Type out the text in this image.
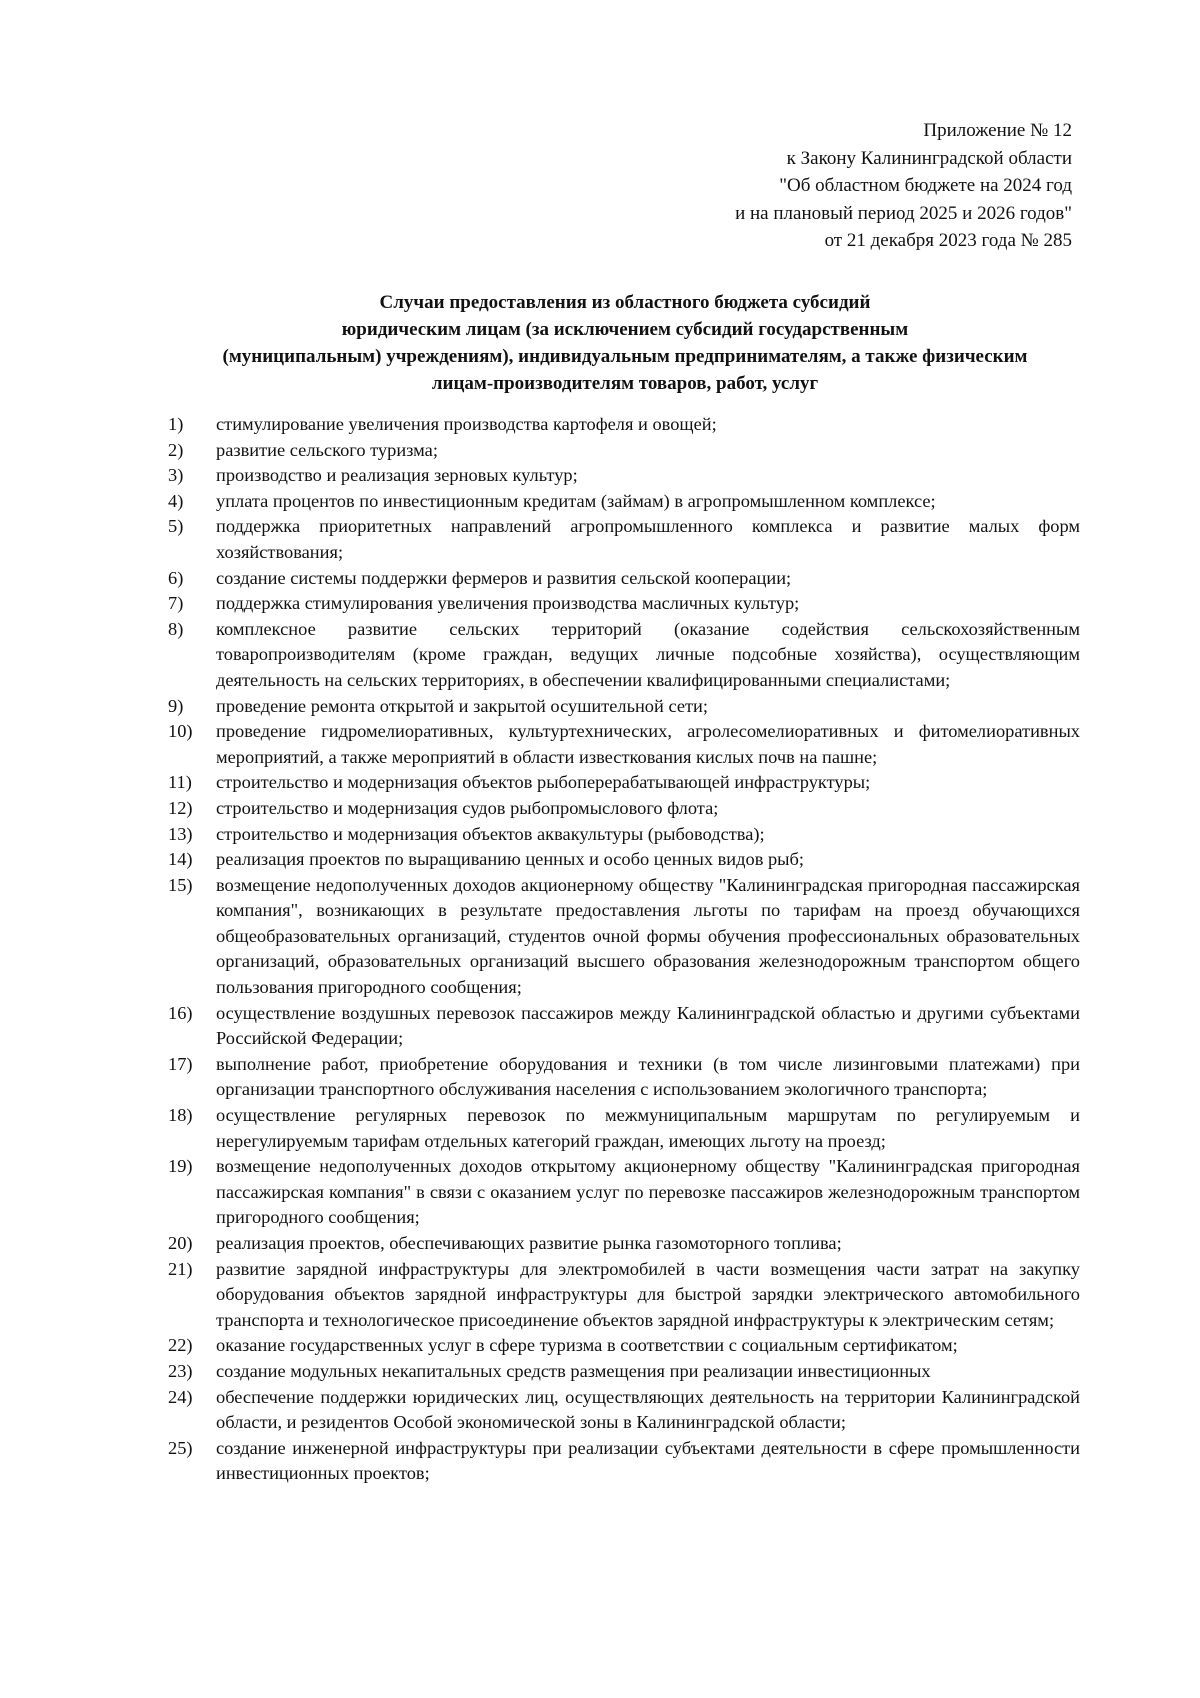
Приложение № 12
к Закону Калининградской области
"Об областном бюджете на 2024 год
и на плановый период 2025 и 2026 годов"
от 21 декабря 2023 года № 285
Случаи предоставления из областного бюджета субсидий
юридическим лицам (за исключением субсидий государственным
(муниципальным) учреждениям), индивидуальным предпринимателям, а также физическим
лицам-производителям товаров, работ, услуг
1)	стимулирование увеличения производства картофеля и овощей;
2)	развитие сельского туризма;
3)	производство и реализация зерновых культур;
4)	уплата процентов по инвестиционным кредитам (займам) в агропромышленном комплексе;
5)	поддержка приоритетных направлений агропромышленного комплекса и развитие малых форм хозяйствования;
6)	создание системы поддержки фермеров и развития сельской кооперации;
7)	поддержка стимулирования увеличения производства масличных культур;
8)	комплексное развитие сельских территорий (оказание содействия сельскохозяйственным товаропроизводителям (кроме граждан, ведущих личные подсобные хозяйства), осуществляющим деятельность на сельских территориях, в обеспечении квалифицированными специалистами;
9)	проведение ремонта открытой и закрытой осушительной сети;
10)	проведение гидромелиоративных, культуртехнических, агролесомелиоративных и фитомелиоративных мероприятий, а также мероприятий в области известкования кислых почв на пашне;
11)	строительство и модернизация объектов рыбоперерабатывающей инфраструктуры;
12)	строительство и модернизация судов рыбопромыслового флота;
13)	строительство и модернизация объектов аквакультуры (рыбоводства);
14)	реализация проектов по выращиванию ценных и особо ценных видов рыб;
15)	возмещение недополученных доходов акционерному обществу "Калининградская пригородная пассажирская компания", возникающих в результате предоставления льготы по тарифам на проезд обучающихся общеобразовательных организаций, студентов очной формы обучения профессиональных образовательных организаций, образовательных организаций высшего образования железнодорожным транспортом общего пользования пригородного сообщения;
16)	осуществление воздушных перевозок пассажиров между Калининградской областью и другими субъектами Российской Федерации;
17)	выполнение работ, приобретение оборудования и техники (в том числе лизинговыми платежами) при организации транспортного обслуживания населения с использованием экологичного транспорта;
18)	осуществление регулярных перевозок по межмуниципальным маршрутам по регулируемым и нерегулируемым тарифам отдельных категорий граждан, имеющих льготу на проезд;
19)	возмещение недополученных доходов открытому акционерному обществу "Калининградская пригородная пассажирская компания" в связи с оказанием услуг по перевозке пассажиров железнодорожным транспортом пригородного сообщения;
20)	реализация проектов, обеспечивающих развитие рынка газомоторного топлива;
21)	развитие зарядной инфраструктуры для электромобилей в части возмещения части затрат на закупку оборудования объектов зарядной инфраструктуры для быстрой зарядки электрического автомобильного транспорта и технологическое присоединение объектов зарядной инфраструктуры к электрическим сетям;
22)	оказание государственных услуг в сфере туризма в соответствии с социальным сертификатом;
23)	создание модульных некапитальных средств размещения при реализации инвестиционных
24)	обеспечение поддержки юридических лиц, осуществляющих деятельность на территории Калининградской области, и резидентов Особой экономической зоны в Калининградской области;
25)	создание инженерной инфраструктуры при реализации субъектами деятельности в сфере промышленности инвестиционных проектов;
